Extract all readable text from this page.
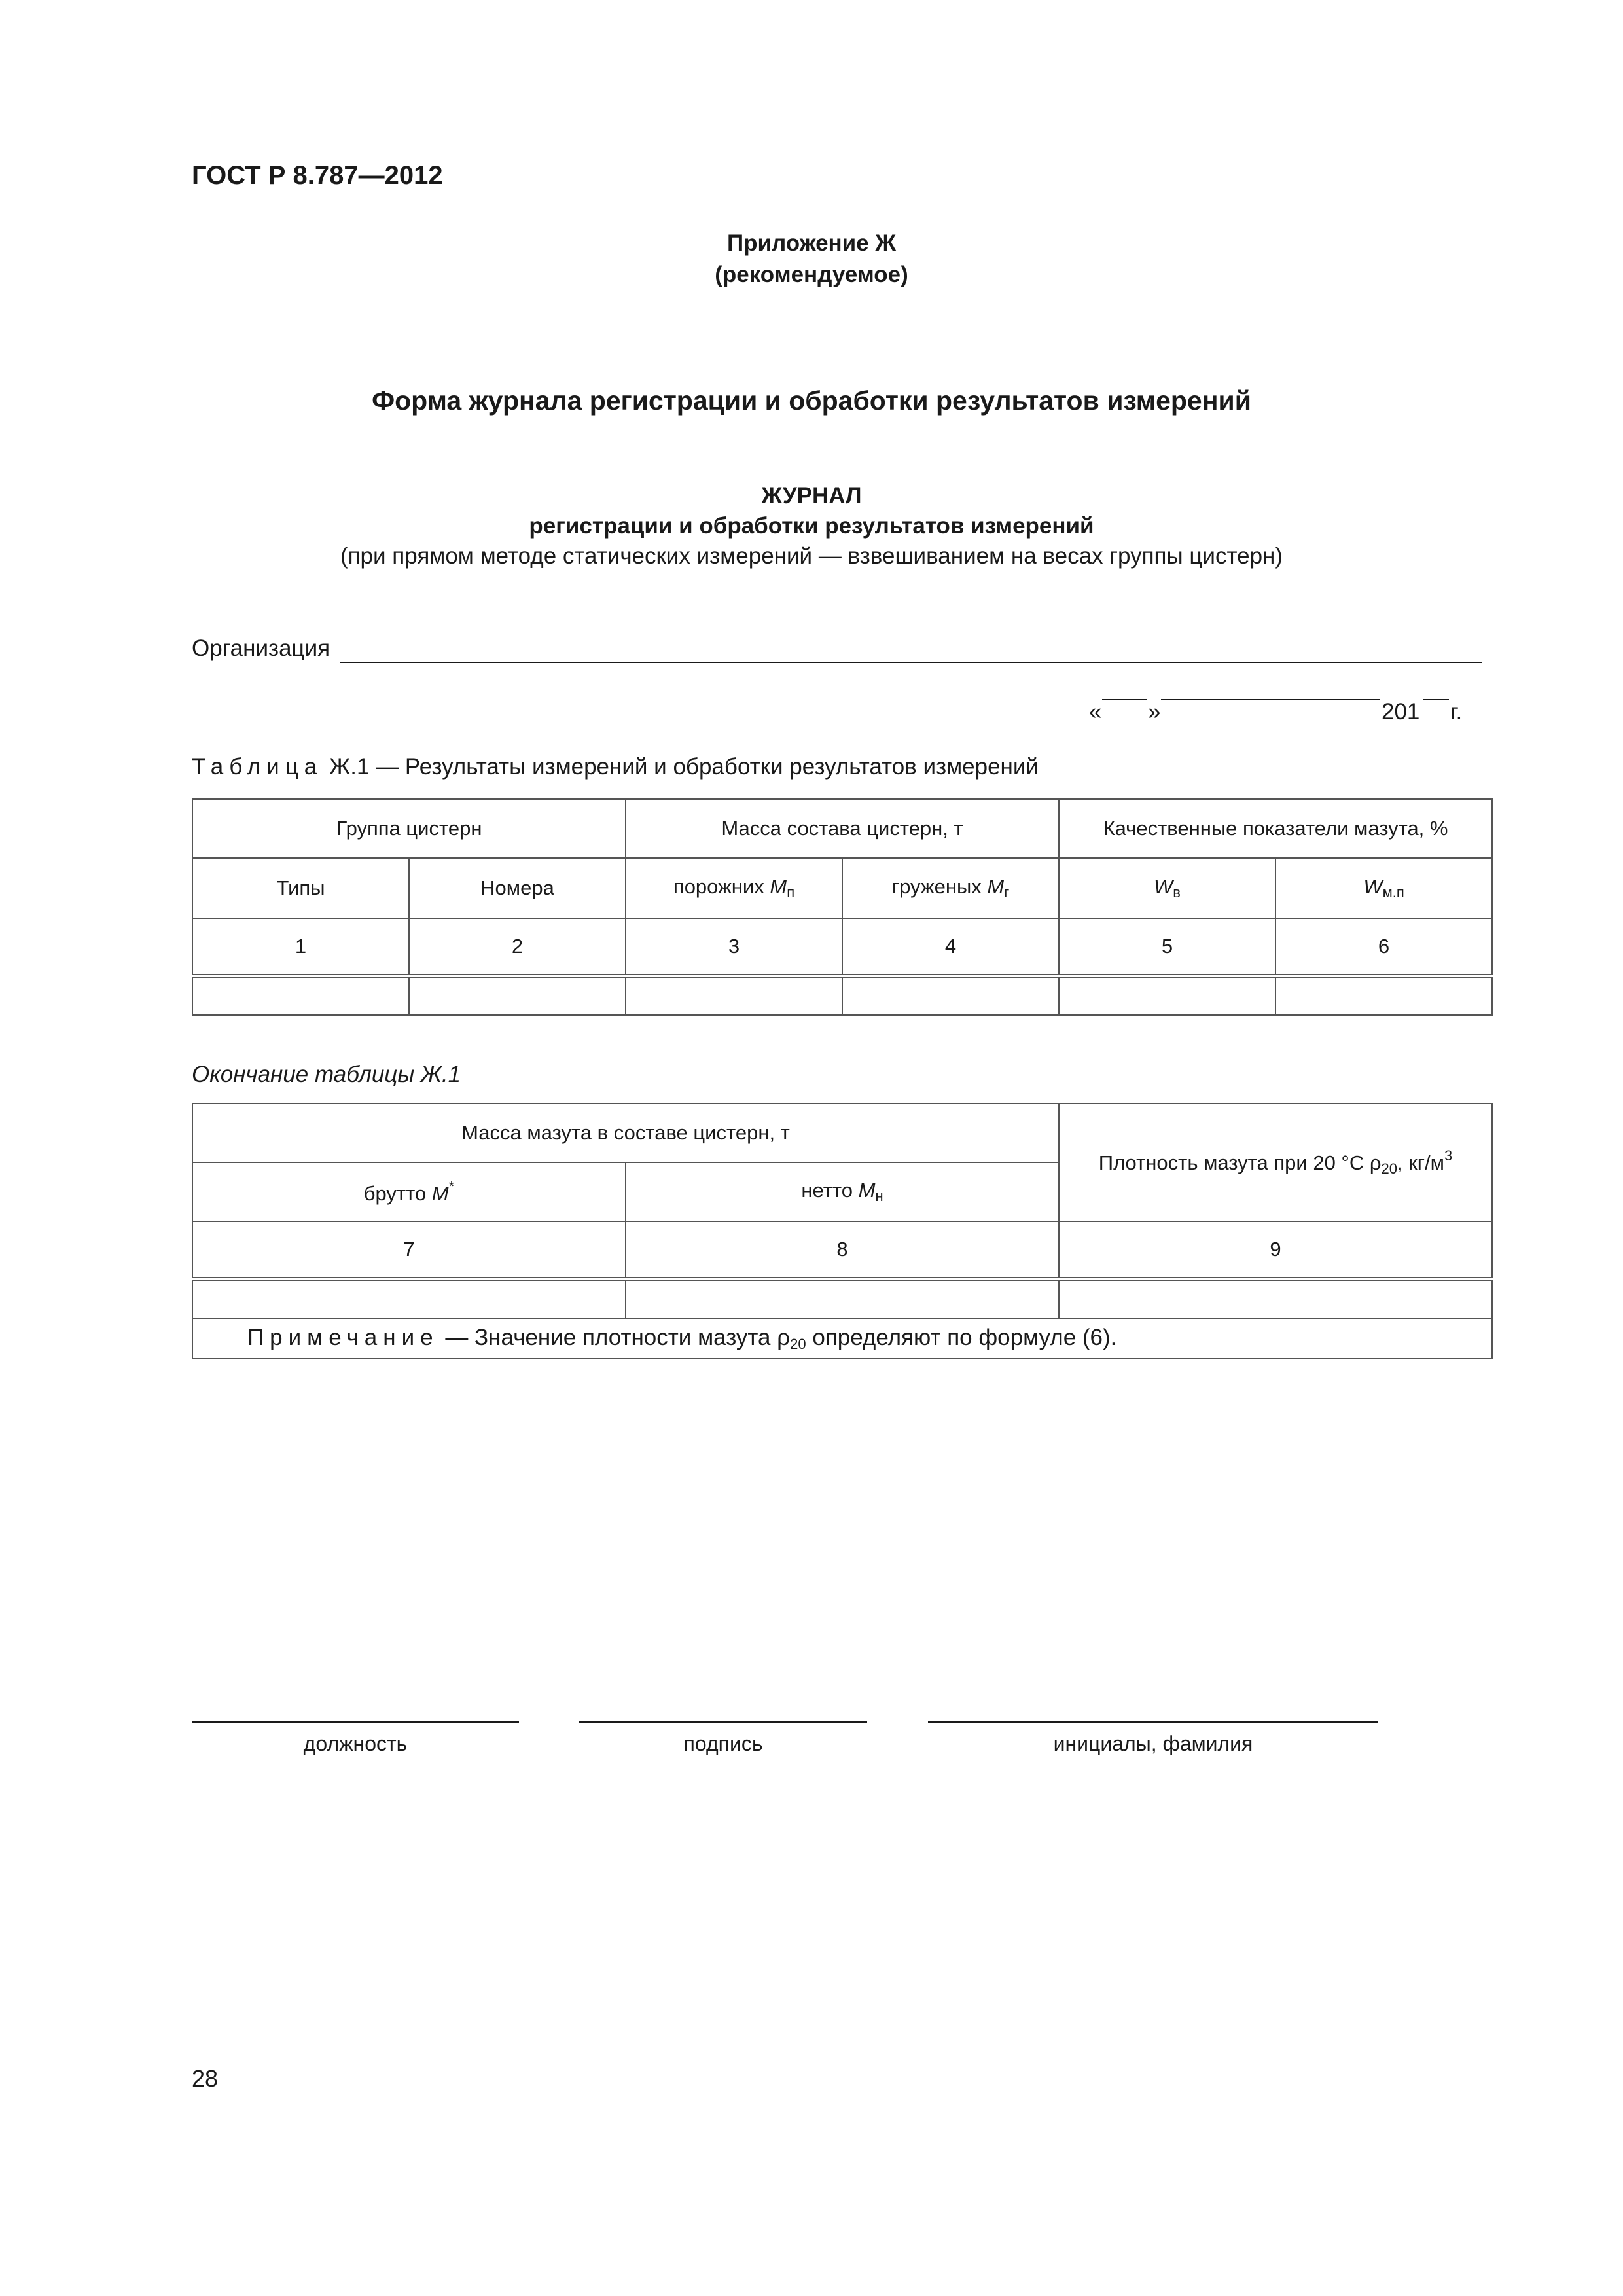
ГОСТ Р 8.787—2012
Приложение Ж
(рекомендуемое)
Форма журнала регистрации и обработки результатов измерений
ЖУРНАЛ
регистрации и обработки результатов измерений
(при прямом методе статических измерений — взвешиванием на весах группы цистерн)
Организация
« »	201 г.
Таблица Ж.1 — Результаты измерений и обработки результатов измерений
Группа цистерн		Масса состава цистерн, т		Качественные показатели мазута, %	
Типы	Номера	порожних $M_п$	груженых $M_г$	$W_в$	$W_{м.п}$
1	2	3	4	5	6

Окончание таблицы Ж.1
Масса мазута в составе цистерн, т		Плотность мазута при 20 °С $\rho_{20}$, $кг/м^3$
брутто M*	нетто $M_н$
7	8	9

Примечание — Значение плотности мазута $\rho_{20}$ определяют по формуле (6).		
должность	подпись	инициалы, фамилия
28
